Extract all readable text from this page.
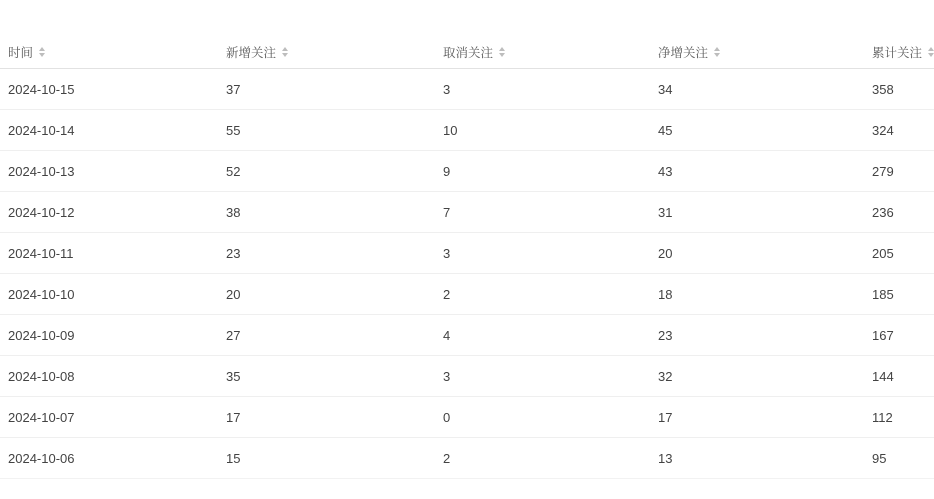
时间	新增关注	取消关注	净增关注	累计关注

2024-10-15	37	3	34	358
2024-10-14	55	10	45	324
2024-10-13	52	9	43	279
2024-10-12	38	7	31	236
2024-10-11	23	3	20	205
2024-10-10	20	2	18	185
2024-10-09	27	4	23	167
2024-10-08	35	3	32	144
2024-10-07	17	0	17	112
2024-10-06	15	2	13	95
